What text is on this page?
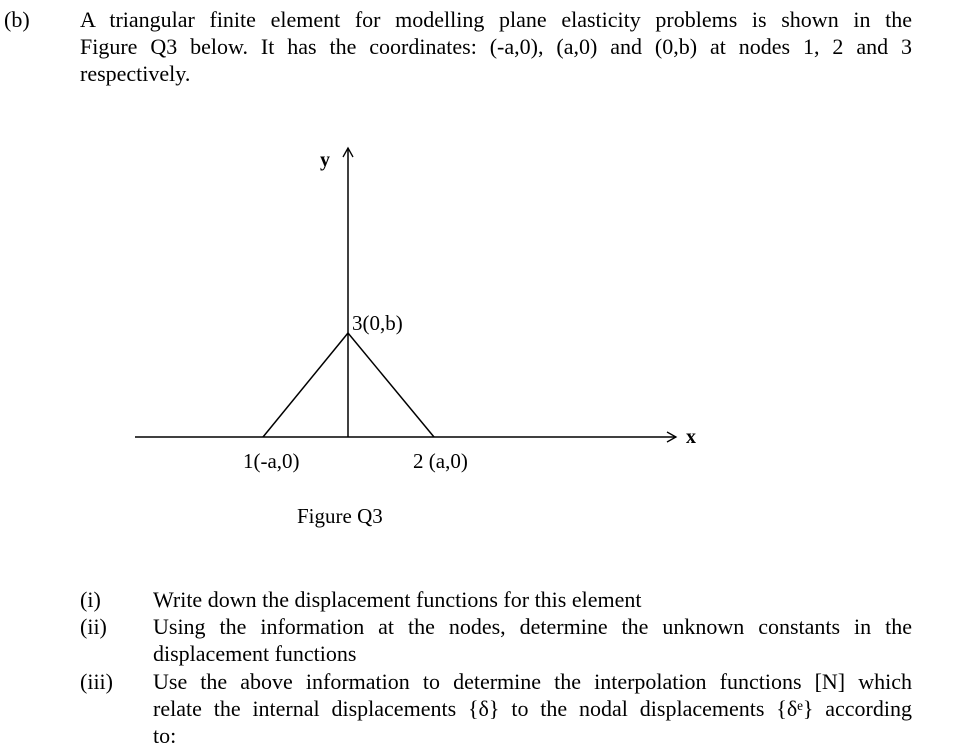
(b) A triangular finite element for modelling plane elasticity problems is shown in the
Figure Q3 below. It has the coordinates: (-a,0), (a,0) and (0,b) at nodes 1, 2 and 3
respectively.

y
x
3(0,b)
1(-a,0)	2 (a,0)
Figure Q3
(i) Write down the displacement functions for this element
(ii) Using the information at the nodes, determine the unknown constants in the
displacement functions
(iii) Use the above information to determine the interpolation functions [N] which
relate the internal displacements {δ} to the nodal displacements {δᵉ} according
to:
